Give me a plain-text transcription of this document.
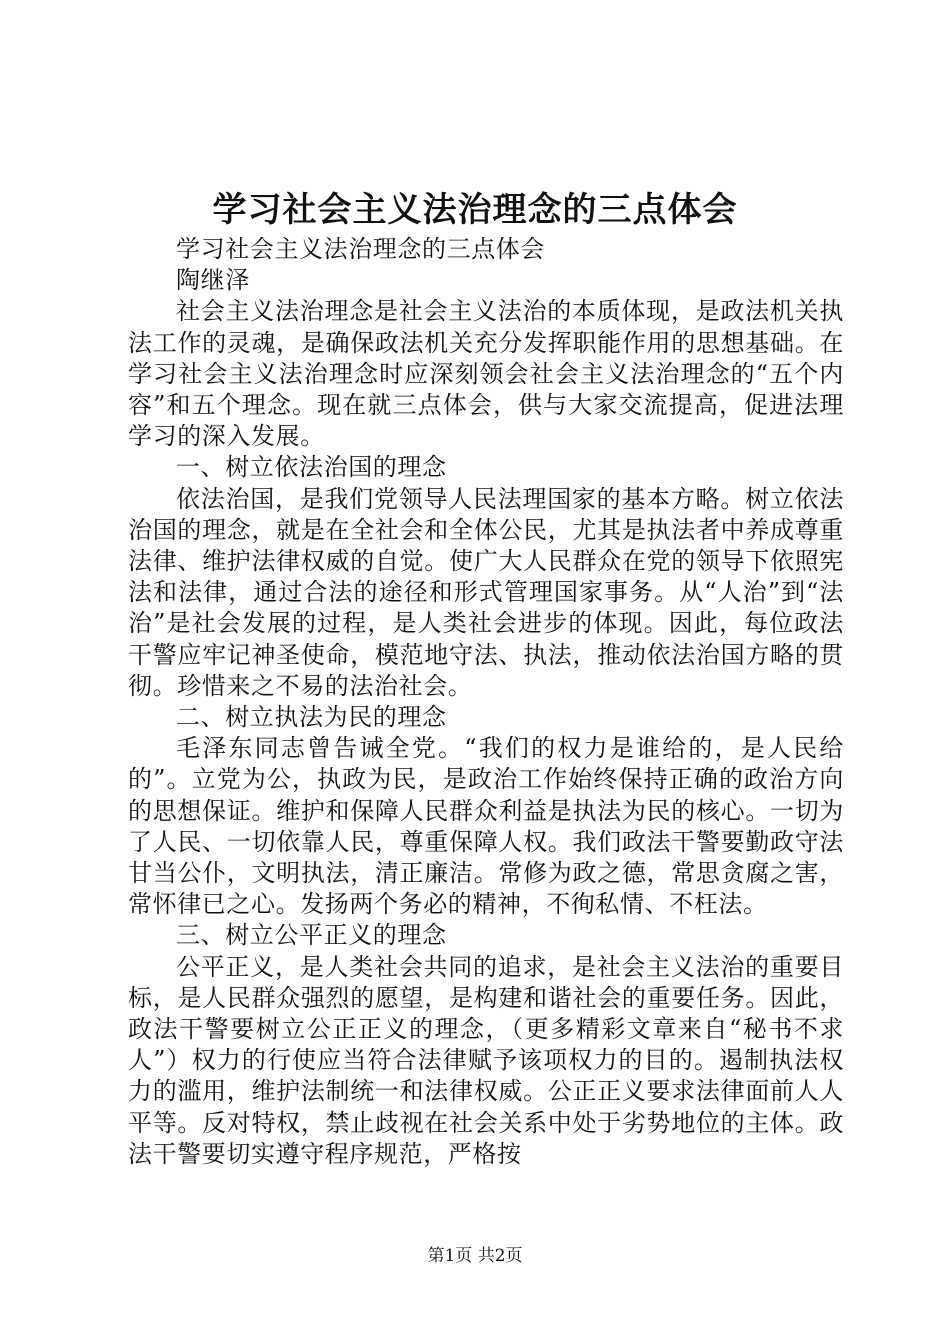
学习社会主义法治理念的三点体会

学习社会主义法治理念的三点体会

陶继泽

社会主义法治理念是社会主义法治的本质体现，是政法机关执法工作的灵魂，是确保政法机关充分发挥职能作用的思想基础。在学习社会主义法治理念时应深刻领会社会主义法治理念的“五个内容”和五个理念。现在就三点体会，供与大家交流提高，促进法理学习的深入发展。

一、树立依法治国的理念

依法治国，是我们党领导人民法理国家的基本方略。树立依法治国的理念，就是在全社会和全体公民，尤其是执法者中养成尊重法律、维护法律权威的自觉。使广大人民群众在党的领导下依照宪法和法律，通过合法的途径和形式管理国家事务。从“人治”到“法治”是社会发展的过程，是人类社会进步的体现。因此，每位政法干警应牢记神圣使命，模范地守法、执法，推动依法治国方略的贯彻。珍惜来之不易的法治社会。

二、树立执法为民的理念

毛泽东同志曾告诫全党。“我们的权力是谁给的，是人民给的”。立党为公，执政为民，是政治工作始终保持正确的政治方向的思想保证。维护和保障人民群众利益是执法为民的核心。一切为了人民、一切依靠人民，尊重保障人权。我们政法干警要勤政守法甘当公仆，文明执法，清正廉洁。常修为政之德，常思贪腐之害，常怀律已之心。发扬两个务必的精神，不徇私情、不枉法。

三、树立公平正义的理念

公平正义，是人类社会共同的追求，是社会主义法治的重要目标，是人民群众强烈的愿望，是构建和谐社会的重要任务。因此，政法干警要树立公正正义的理念，（更多精彩文章来自“秘书不求人”）权力的行使应当符合法律赋予该项权力的目的。遏制执法权力的滥用，维护法制统一和法律权威。公正正义要求法律面前人人平等。反对特权，禁止歧视在社会关系中处于劣势地位的主体。政法干警要切实遵守程序规范，严格按

第1页 共2页
